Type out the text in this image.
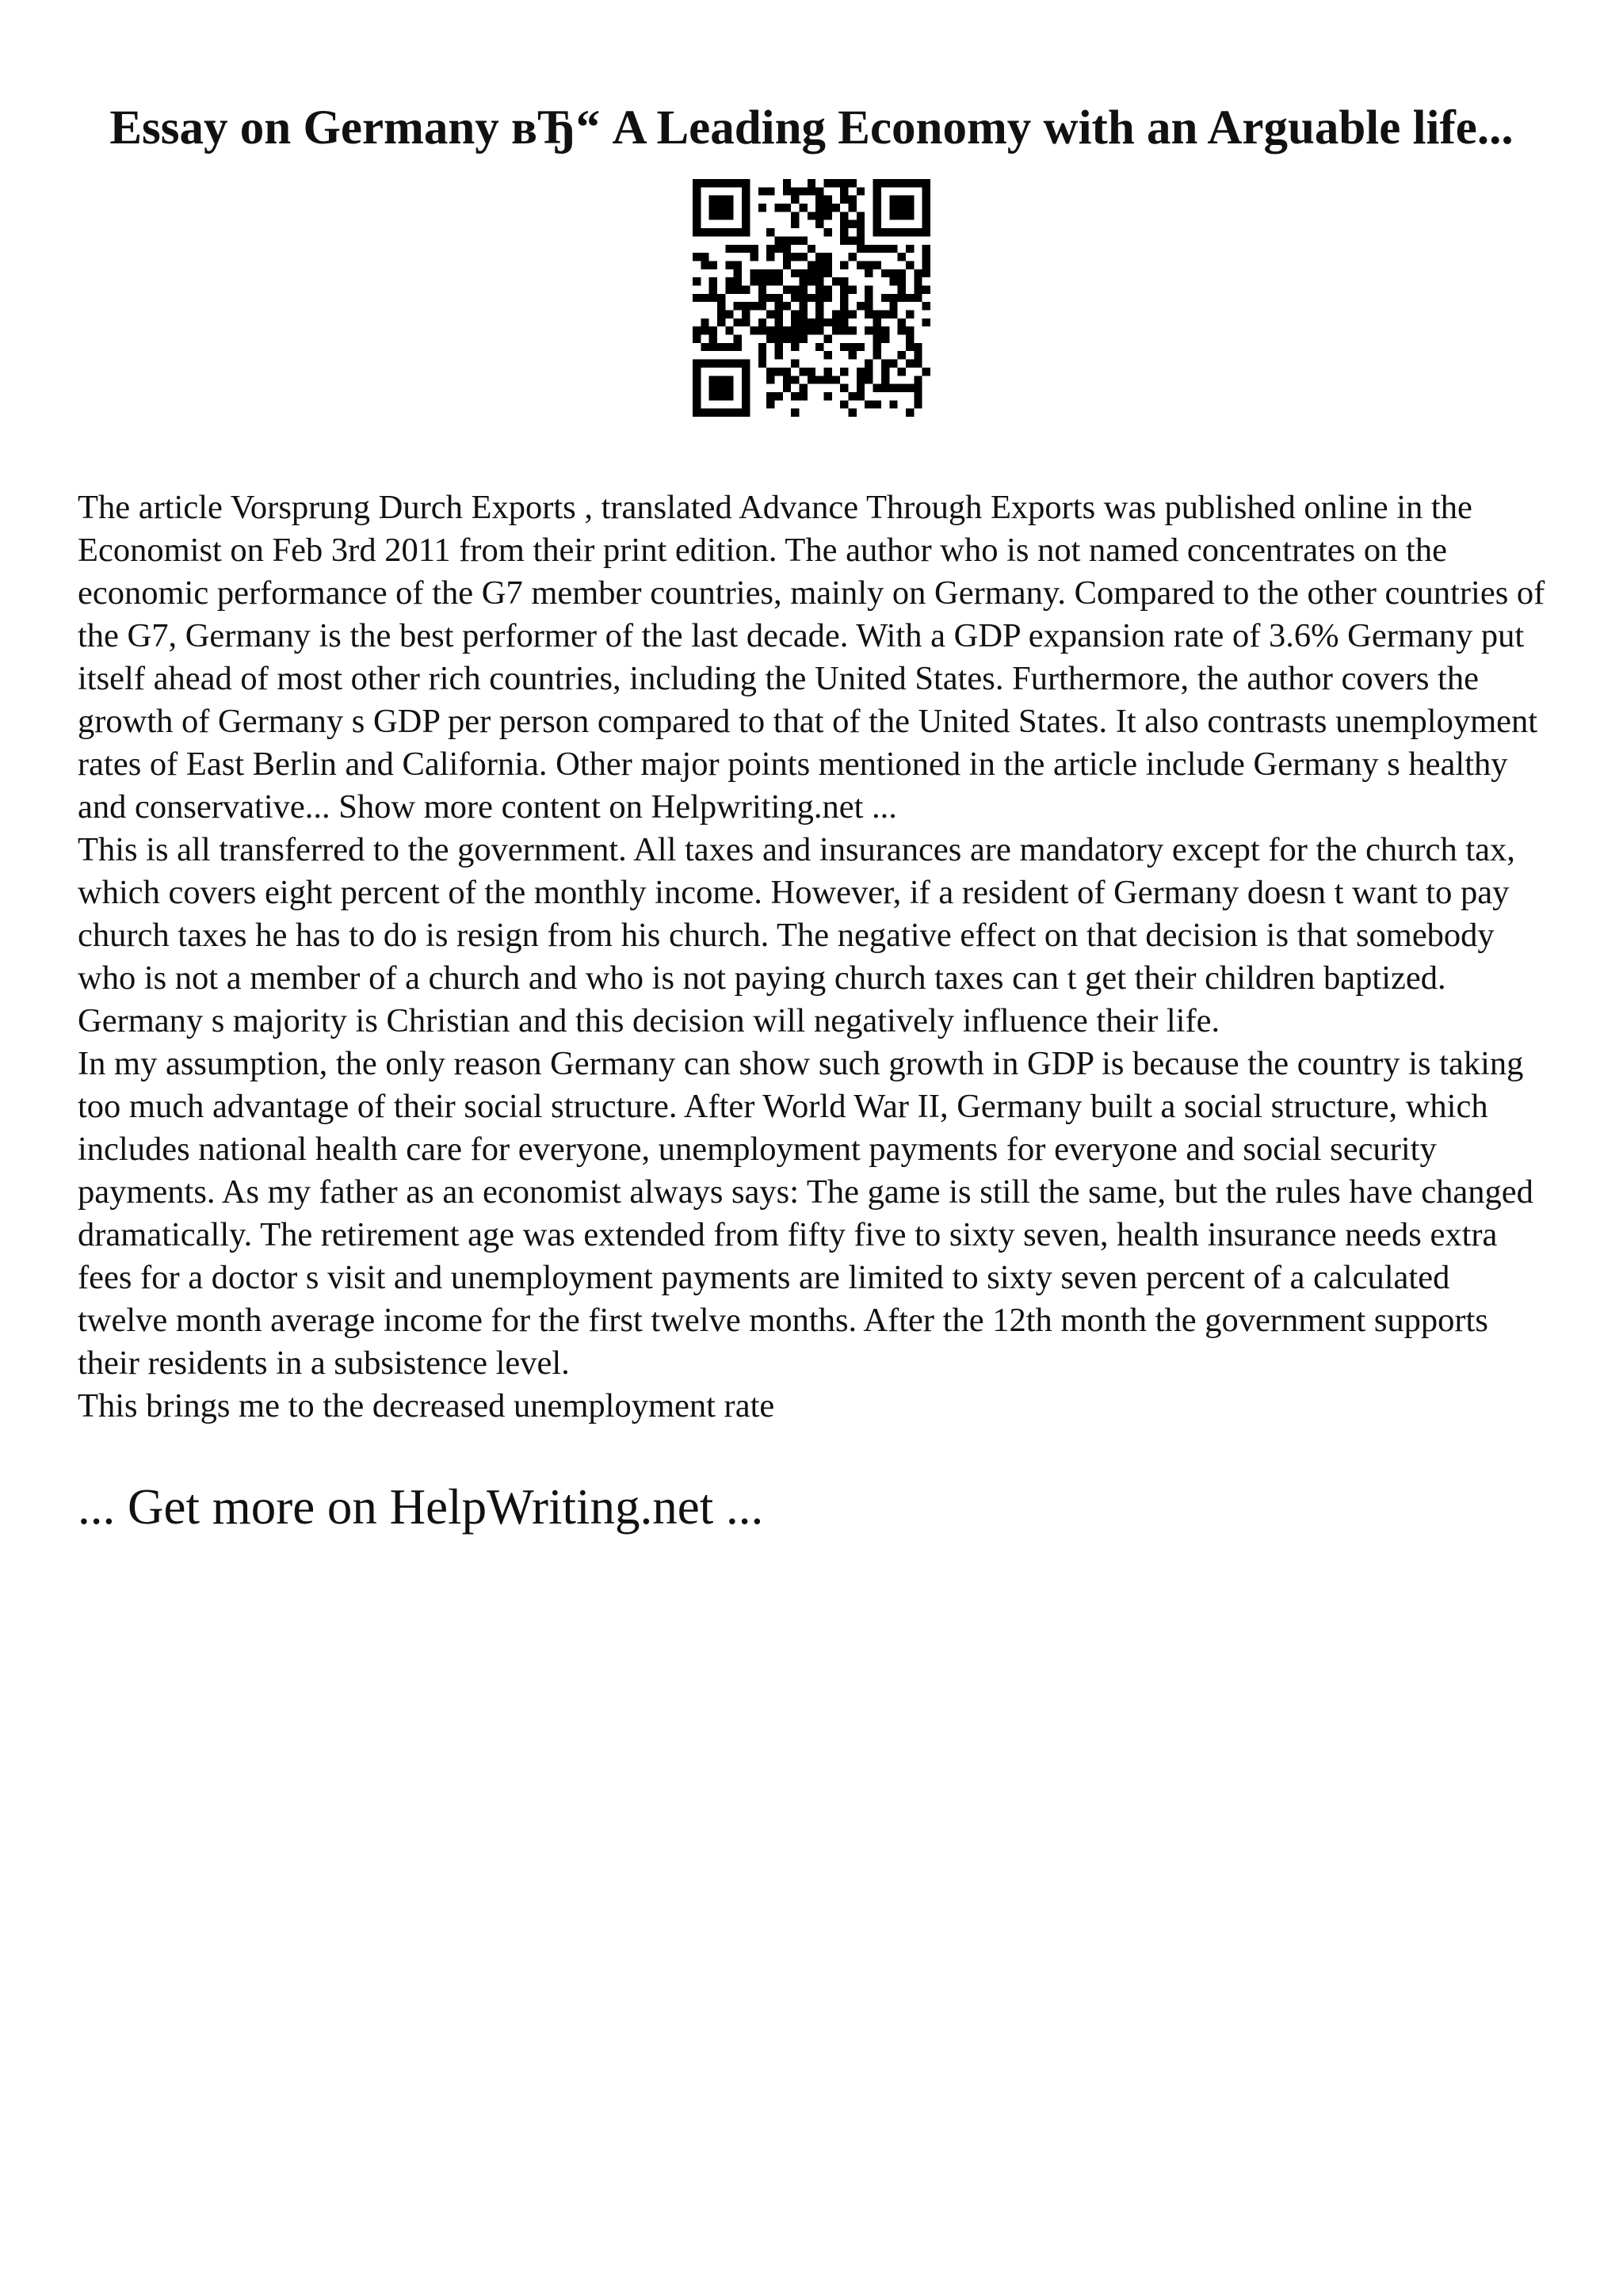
Essay on Germany вЂ“ A Leading Economy with an Arguable life...

The article Vorsprung Durch Exports , translated Advance Through Exports was published online in the Economist on Feb 3rd 2011 from their print edition. The author who is not named concentrates on the economic performance of the G7 member countries, mainly on Germany. Compared to the other countries of the G7, Germany is the best performer of the last decade. With a GDP expansion rate of 3.6% Germany put itself ahead of most other rich countries, including the United States. Furthermore, the author covers the growth of Germany s GDP per person compared to that of the United States. It also contrasts unemployment rates of East Berlin and California. Other major points mentioned in the article include Germany s healthy and conservative... Show more content on Helpwriting.net ...

This is all transferred to the government. All taxes and insurances are mandatory except for the church tax, which covers eight percent of the monthly income. However, if a resident of Germany doesn t want to pay church taxes he has to do is resign from his church. The negative effect on that decision is that somebody who is not a member of a church and who is not paying church taxes can t get their children baptized. Germany s majority is Christian and this decision will negatively influence their life.

In my assumption, the only reason Germany can show such growth in GDP is because the country is taking too much advantage of their social structure. After World War II, Germany built a social structure, which includes national health care for everyone, unemployment payments for everyone and social security payments. As my father as an economist always says: The game is still the same, but the rules have changed dramatically. The retirement age was extended from fifty five to sixty seven, health insurance needs extra fees for a doctor s visit and unemployment payments are limited to sixty seven percent of a calculated twelve month average income for the first twelve months. After the 12th month the government supports their residents in a subsistence level.

This brings me to the decreased unemployment rate

... Get more on HelpWriting.net ...
